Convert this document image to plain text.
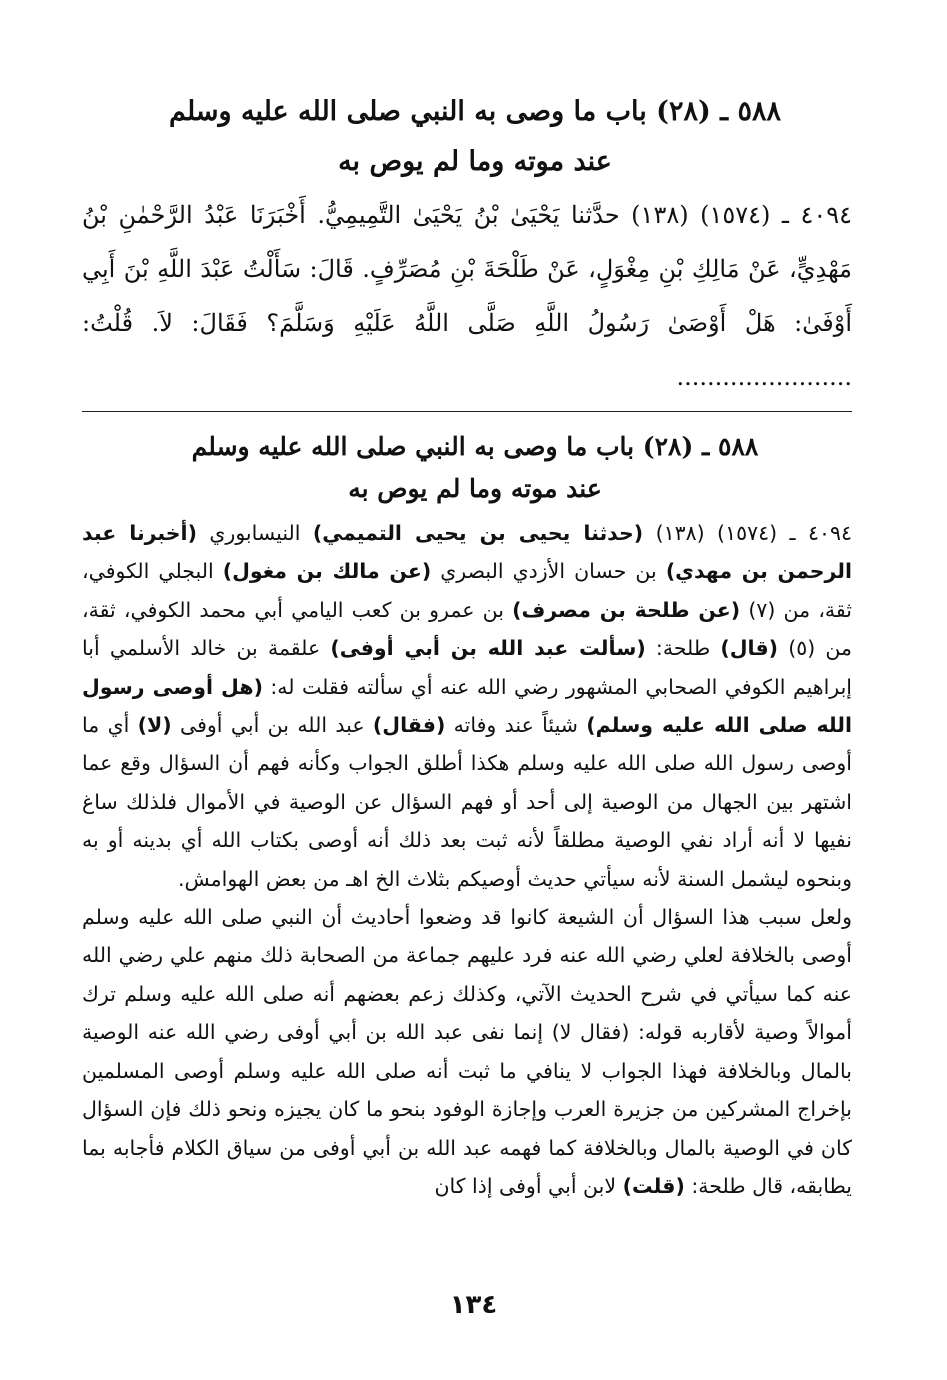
٥٨٨ ـ (٢٨) باب ما وصى به النبي صلى الله عليه وسلم
عند موته وما لم يوص به
٤٠٩٤ ـ (١٥٧٤) (١٣٨) حدَّثنا يَحْيَىٰ بْنُ يَحْيَىٰ التَّمِيمِيُّ. أَخْبَرَنَا عَبْدُ الرَّحْمٰنِ بْنُ مَهْدِيٍّ، عَنْ مَالِكِ بْنِ مِغْوَلٍ، عَنْ طَلْحَةَ بْنِ مُصَرِّفٍ. قَالَ: سَأَلْتُ عَبْدَ اللَّهِ بْنَ أَبِي أَوْفَىٰ: هَلْ أَوْصَىٰ رَسُولُ اللَّهِ صَلَّى اللَّهُ عَلَيْهِ وَسَلَّمَ؟ فَقَالَ: لاَ. قُلْتُ: .......................
٥٨٨ ـ (٢٨) باب ما وصى به النبي صلى الله عليه وسلم
عند موته وما لم يوص به
٤٠٩٤ ـ (١٥٧٤) (١٣٨) (حدثنا يحيى بن يحيى التميمي) النيسابوري (أخبرنا عبد الرحمن بن مهدي) بن حسان الأزدي البصري (عن مالك بن مغول) البجلي الكوفي، ثقة، من (٧) (عن طلحة بن مصرف) بن عمرو بن كعب اليامي أبي محمد الكوفي، ثقة، من (٥) (قال) طلحة: (سألت عبد الله بن أبي أوفى) علقمة بن خالد الأسلمي أبا إبراهيم الكوفي الصحابي المشهور رضي الله عنه أي سألته فقلت له: (هل أوصى رسول الله صلى الله عليه وسلم) شيئاً عند وفاته (فقال) عبد الله بن أبي أوفى (لا) أي ما أوصى رسول الله صلى الله عليه وسلم هكذا أطلق الجواب وكأنه فهم أن السؤال وقع عما اشتهر بين الجهال من الوصية إلى أحد أو فهم السؤال عن الوصية في الأموال فلذلك ساغ نفيها لا أنه أراد نفي الوصية مطلقاً لأنه ثبت بعد ذلك أنه أوصى بكتاب الله أي بدينه أو به وبنحوه ليشمل السنة لأنه سيأتي حديث أوصيكم بثلاث الخ اهـ من بعض الهوامش.
ولعل سبب هذا السؤال أن الشيعة كانوا قد وضعوا أحاديث أن النبي صلى الله عليه وسلم أوصى بالخلافة لعلي رضي الله عنه فرد عليهم جماعة من الصحابة ذلك منهم علي رضي الله عنه كما سيأتي في شرح الحديث الآتي، وكذلك زعم بعضهم أنه صلى الله عليه وسلم ترك أموالاً وصية لأقاربه قوله: (فقال لا) إنما نفى عبد الله بن أبي أوفى رضي الله عنه الوصية بالمال وبالخلافة فهذا الجواب لا ينافي ما ثبت أنه صلى الله عليه وسلم أوصى المسلمين بإخراج المشركين من جزيرة العرب وإجازة الوفود بنحو ما كان يجيزه ونحو ذلك فإن السؤال كان في الوصية بالمال وبالخلافة كما فهمه عبد الله بن أبي أوفى من سياق الكلام فأجابه بما يطابقه، قال طلحة: (قلت) لابن أبي أوفى إذا كان
١٣٤
